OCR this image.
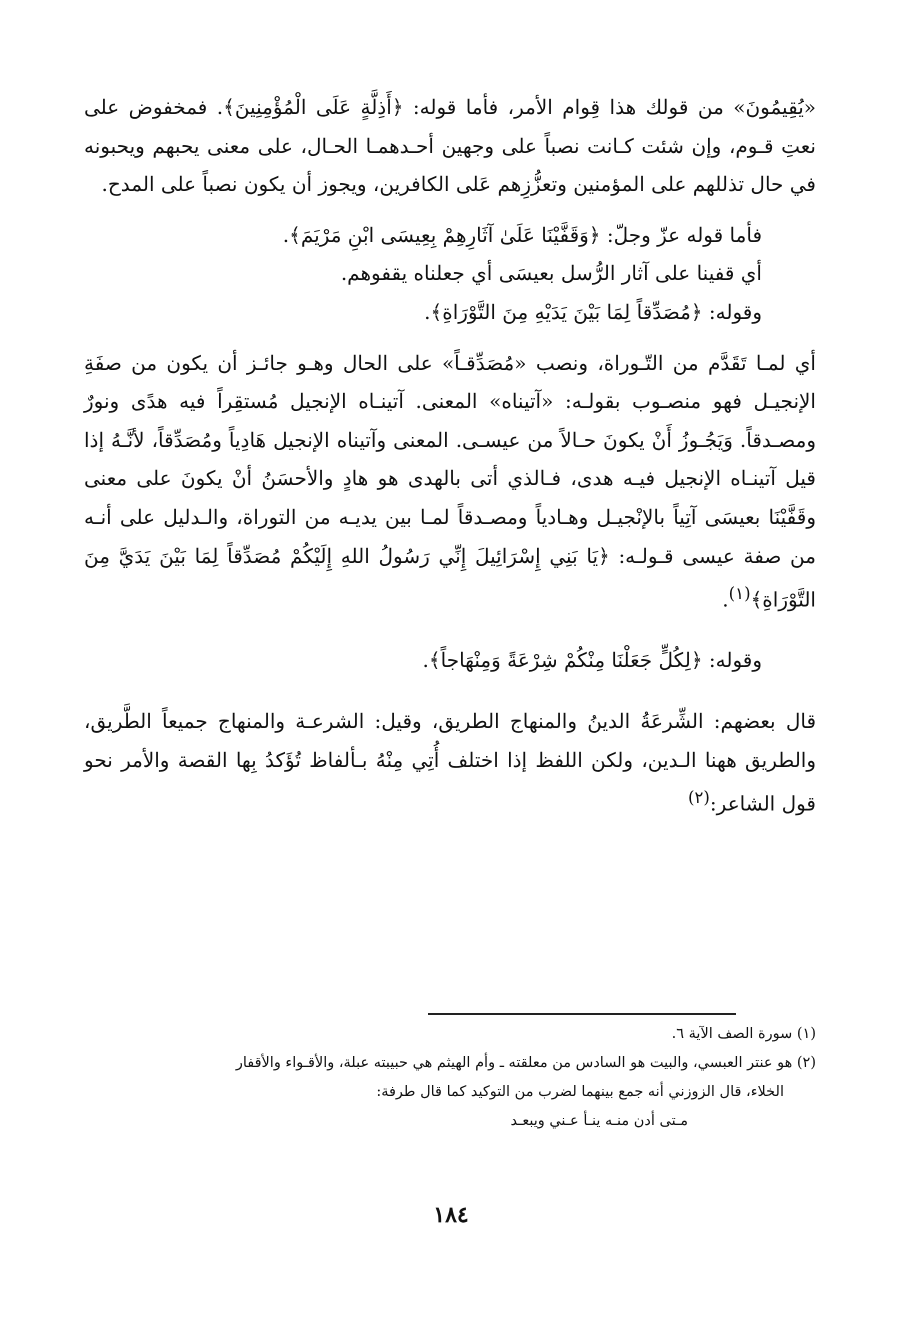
«يُقِيمُونَ» من قولك هذا قِوام الأمر، فأما قوله: ﴿أَذِلَّةٍ عَلَى الْمُؤْمِنِينَ﴾. فمخفوض على نعتِ قـوم، وإن شئت كـانت نصباً على وجهين أحـدهمـا الحـال، على معنى يحبهم ويحبونه في حال تذللهم على المؤمنين وتعزُّزِهم عَلى الكافرين، ويجوز أن يكون نصباً على المدح.

فأما قوله عزّ وجلّ: ﴿وَقَفَّيْنَا عَلَىٰ آثَارِهِمْ بِعِيسَى ابْنِ مَرْيَمَ﴾.

أي قفينا على آثار الرُّسل بعيسَى أي جعلناه يقفوهم.

وقوله: ﴿مُصَدِّقاً لِمَا بَيْنَ يَدَيْهِ مِنَ التَّوْرَاةِ﴾.

أي لمـا تَقَدَّم من التّـوراة، ونصب «مُصَدِّقـاً» على الحال وهـو جائـز أن يكون من صفَةِ الإنجيـل فهو منصـوب بقولـه: «آتيناه» المعنى. آتينـاه الإنجيل مُستقِراً فيه هدًى ونورٌ ومصـدقاً. وَيَجُـوزُ أَنْ يكونَ حـالاً من عيسـى. المعنى وآتيناه الإنجيل هَادِياً ومُصَدِّقاً، لأنَّـهُ إذا قيل آتينـاه الإنجيل فيـه هدى، فـالذي أتى بالهدى هو هادٍ والأحسَنُ أنْ يكونَ على معنى وقَفَّيْنَا بعيسَى آتِياً بالإنْجيـل وهـادياً ومصـدقاً لمـا بين يديـه من التوراة، والـدليل على أنـه من صفة عيسى قـولـه: ﴿يَا بَنِي إِسْرَائِيلَ إِنِّي رَسُولُ اللهِ إِلَيْكُمْ مُصَدِّقاً لِمَا بَيْنَ يَدَيَّ مِنَ التَّوْرَاةِ﴾$^{(١)}$.

وقوله: ﴿لِكُلٍّ جَعَلْنَا مِنْكُمْ شِرْعَةً وَمِنْهَاجاً﴾.

قال بعضهم: الشِّرعَةُ الدينُ والمنهاج الطريق، وقيل: الشرعـة والمنهاج جميعاً الطَّريق، والطريق ههنا الـدين، ولكن اللفظ إذا اختلف أُتِي مِنْهُ بـألفاظ تُؤَكدُ بِها القصة والأمر نحو قول الشاعر:$^{(٢)}$

(١) سورة الصف الآية ٦.

(٢) هو عنتر العبسي، والبيت هو السادس من معلقته ـ وأم الهيثم هي حبيبته عبلة، والأقـواء والأقفار

الخلاء، قال الزوزني أنه جمع بينهما لضرب من التوكيد كما قال طرفة:

مـتى أدن منـه ينـأ عـني ويبعـد

١٨٤
